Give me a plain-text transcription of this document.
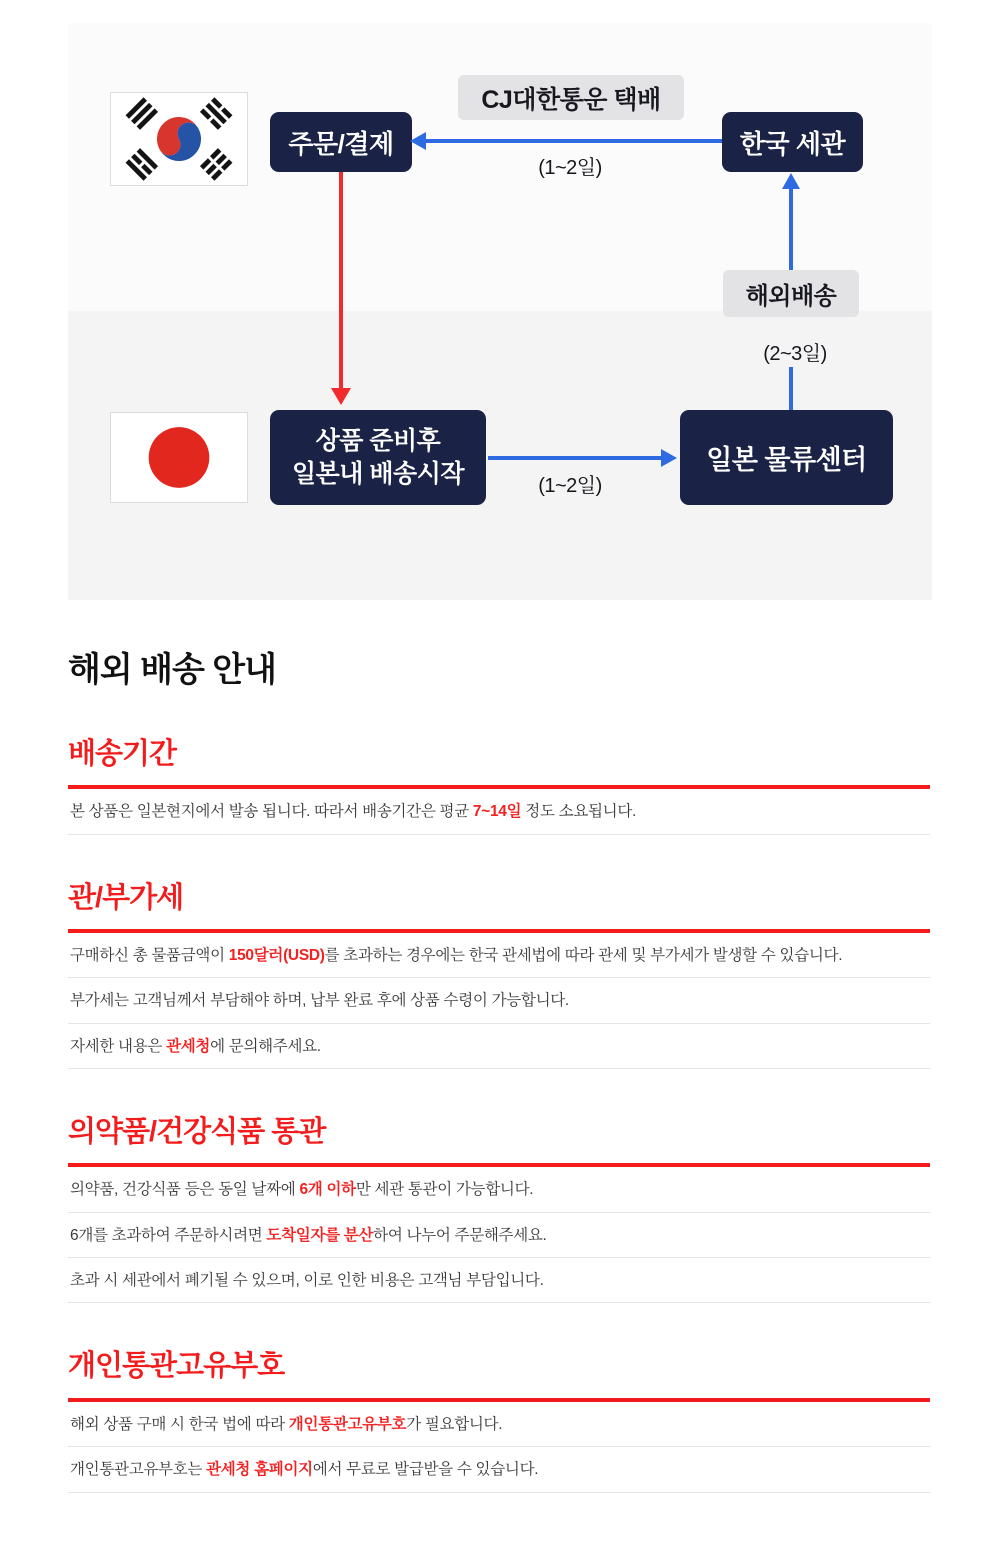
주문/결제
CJ대한통운 택배
(1~2일)
한국 세관
해외배송
(2~3일)
일본 물류센터
상품 준비후
일본내 배송시작	(1~2일)
해외 배송 안내
배송기간

본 상품은 일본현지에서 발송 됩니다. 따라서 배송기간은 평균 7~14일 정도 소요됩니다.

관/부가세

구매하신 총 물품금액이 150달러(USD)를 초과하는 경우에는 한국 관세법에 따라 관세 및 부가세가 발생할 수 있습니다.

부가세는 고객님께서 부담해야 하며, 납부 완료 후에 상품 수령이 가능합니다.

자세한 내용은 관세청에 문의해주세요.

의약품/건강식품 통관

의약품, 건강식품 등은 동일 날짜에 6개 이하만 세관 통관이 가능합니다.

6개를 초과하여 주문하시려면 도착일자를 분산하여 나누어 주문해주세요.

초과 시 세관에서 폐기될 수 있으며, 이로 인한 비용은 고객님 부담입니다.

개인통관고유부호

해외 상품 구매 시 한국 법에 따라 개인통관고유부호가 필요합니다.

개인통관고유부호는 관세청 홈페이지에서 무료로 발급받을 수 있습니다.
